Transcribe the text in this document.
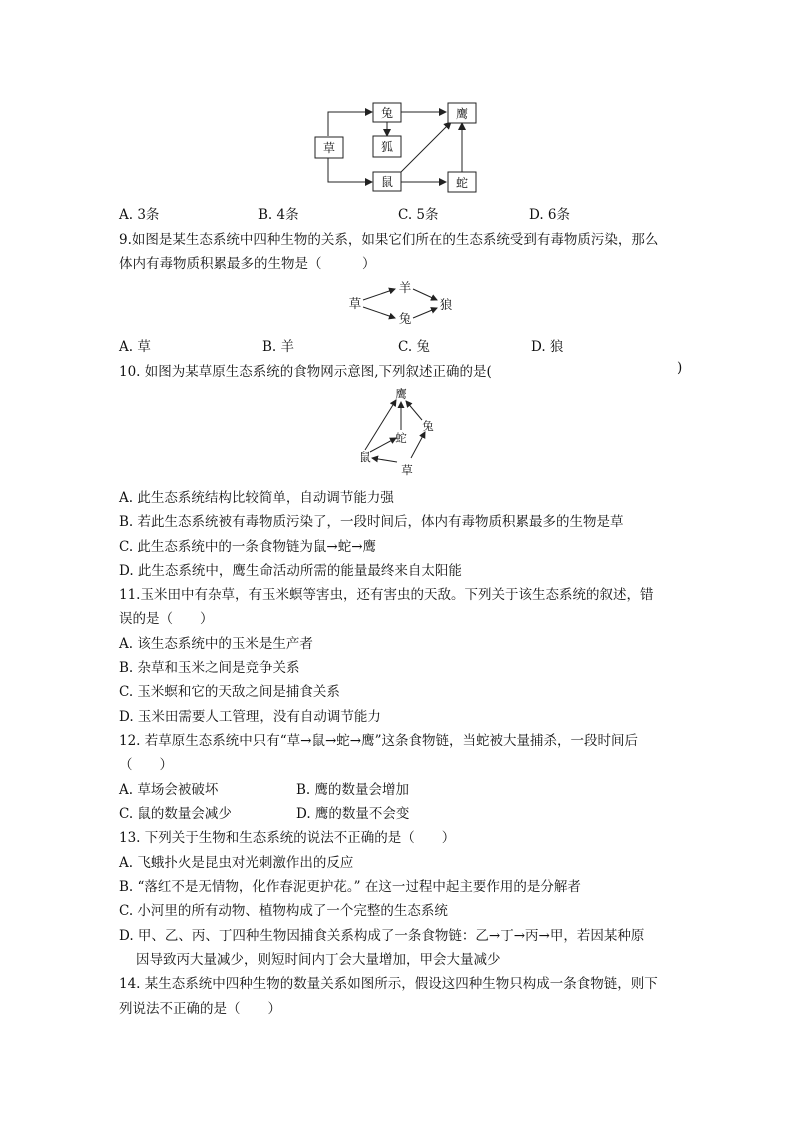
兔	鹰
草	狐
鼠	蛇
A. 3条	B. 4条	C. 5条	D. 6条
9.如图是某生态系统中四种生物的关系，如果它们所在的生态系统受到有毒物质污染，那么
体内有毒物质积累最多的生物是（　　　）
草
羊
兔
狼
A. 草	B. 羊	C. 兔	D. 狼
10. 如图为某草原生态系统的食物网示意图,下列叙述正确的是(	)
鹰
蛇
兔
鼠
草
A. 此生态系统结构比较简单，自动调节能力强
B. 若此生态系统被有毒物质污染了，一段时间后，体内有毒物质积累最多的生物是草
C. 此生态系统中的一条食物链为鼠→蛇→鹰
D. 此生态系统中，鹰生命活动所需的能量最终来自太阳能
11.玉米田中有杂草，有玉米螟等害虫，还有害虫的天敌。下列关于该生态系统的叙述，错
误的是（　　）
A. 该生态系统中的玉米是生产者
B. 杂草和玉米之间是竞争关系
C. 玉米螟和它的天敌之间是捕食关系
D. 玉米田需要人工管理，没有自动调节能力
12. 若草原生态系统中只有“草→鼠→蛇→鹰”这条食物链，当蛇被大量捕杀，一段时间后
（　　）
A. 草场会被破坏	B. 鹰的数量会增加
C. 鼠的数量会减少	D. 鹰的数量不会变
13. 下列关于生物和生态系统的说法不正确的是（　　）
A. 飞蛾扑火是昆虫对光刺激作出的反应
B. “落红不是无情物，化作春泥更护花。” 在这一过程中起主要作用的是分解者
C. 小河里的所有动物、植物构成了一个完整的生态系统
D. 甲、乙、丙、丁四种生物因捕食关系构成了一条食物链：乙→丁→丙→甲，若因某种原
因导致丙大量减少，则短时间内丁会大量增加，甲会大量减少
14. 某生态系统中四种生物的数量关系如图所示，假设这四种生物只构成一条食物链，则下
列说法不正确的是（　　）
